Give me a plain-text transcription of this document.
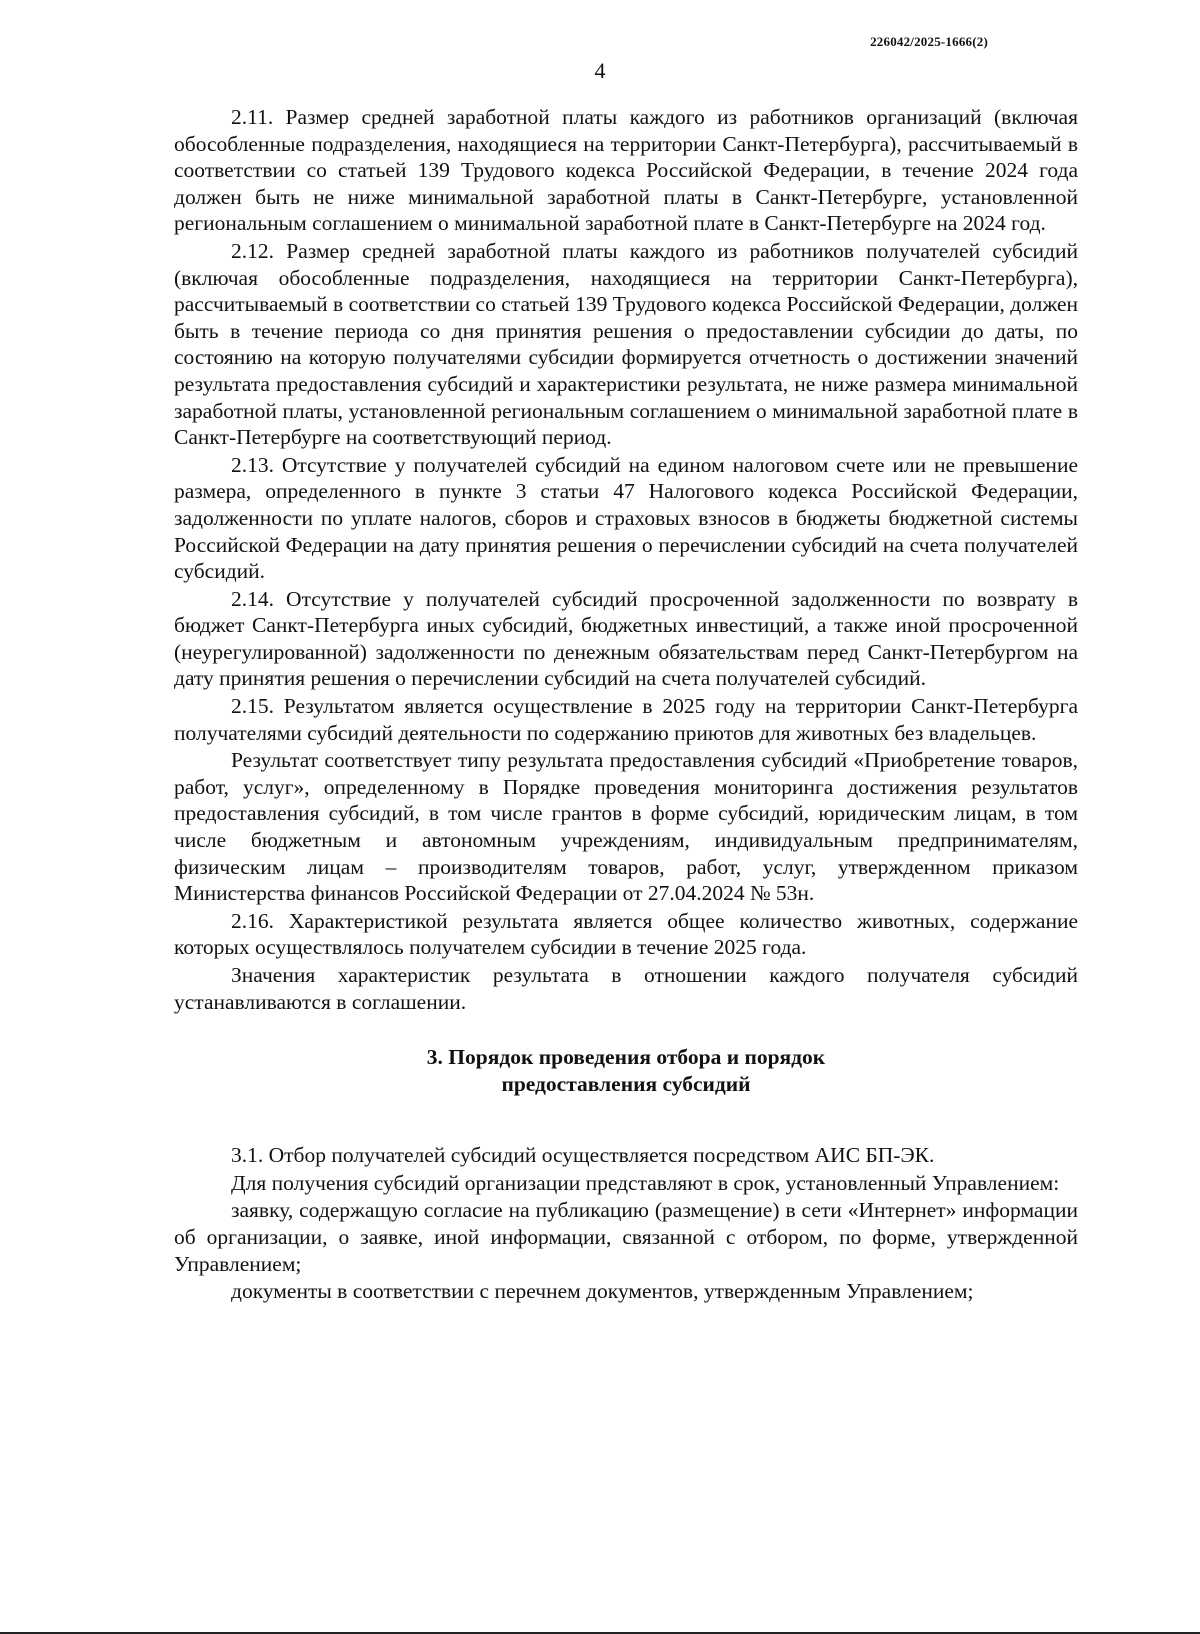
226042/2025-1666(2)
4

2.11. Размер средней заработной платы каждого из работников организаций (включая обособленные подразделения, находящиеся на территории Санкт-Петербурга), рассчитываемый в соответствии со статьей 139 Трудового кодекса Российской Федерации, в течение 2024 года должен быть не ниже минимальной заработной платы в Санкт-Петербурге, установленной региональным соглашением о минимальной заработной плате в Санкт-Петербурге на 2024 год.

2.12. Размер средней заработной платы каждого из работников получателей субсидий (включая обособленные подразделения, находящиеся на территории Санкт-Петербурга), рассчитываемый в соответствии со статьей 139 Трудового кодекса Российской Федерации, должен быть в течение периода со дня принятия решения о предоставлении субсидии до даты, по состоянию на которую получателями субсидии формируется отчетность о достижении значений результата предоставления субсидий и характеристики результата, не ниже размера минимальной заработной платы, установленной региональным соглашением о минимальной заработной плате в Санкт-Петербурге на соответствующий период.

2.13. Отсутствие у получателей субсидий на едином налоговом счете или не превышение размера, определенного в пункте 3 статьи 47 Налогового кодекса Российской Федерации, задолженности по уплате налогов, сборов и страховых взносов в бюджеты бюджетной системы Российской Федерации на дату принятия решения о перечислении субсидий на счета получателей субсидий.

2.14. Отсутствие у получателей субсидий просроченной задолженности по возврату в бюджет Санкт-Петербурга иных субсидий, бюджетных инвестиций, а также иной просроченной (неурегулированной) задолженности по денежным обязательствам перед Санкт-Петербургом на дату принятия решения о перечислении субсидий на счета получателей субсидий.

2.15. Результатом является осуществление в 2025 году на территории Санкт-Петербурга получателями субсидий деятельности по содержанию приютов для животных без владельцев.

Результат соответствует типу результата предоставления субсидий «Приобретение товаров, работ, услуг», определенному в Порядке проведения мониторинга достижения результатов предоставления субсидий, в том числе грантов в форме субсидий, юридическим лицам, в том числе бюджетным и автономным учреждениям, индивидуальным предпринимателям, физическим лицам – производителям товаров, работ, услуг, утвержденном приказом Министерства финансов Российской Федерации от 27.04.2024 № 53н.

2.16. Характеристикой результата является общее количество животных, содержание которых осуществлялось получателем субсидии в течение 2025 года.

Значения характеристик результата в отношении каждого получателя субсидий устанавливаются в соглашении.

3. Порядок проведения отбора и порядок
предоставления субсидий

3.1. Отбор получателей субсидий осуществляется посредством АИС БП-ЭК.

Для получения субсидий организации представляют в срок, установленный Управлением:

заявку, содержащую согласие на публикацию (размещение) в сети «Интернет» информации об организации, о заявке, иной информации, связанной с отбором, по форме, утвержденной Управлением;

документы в соответствии с перечнем документов, утвержденным Управлением;
